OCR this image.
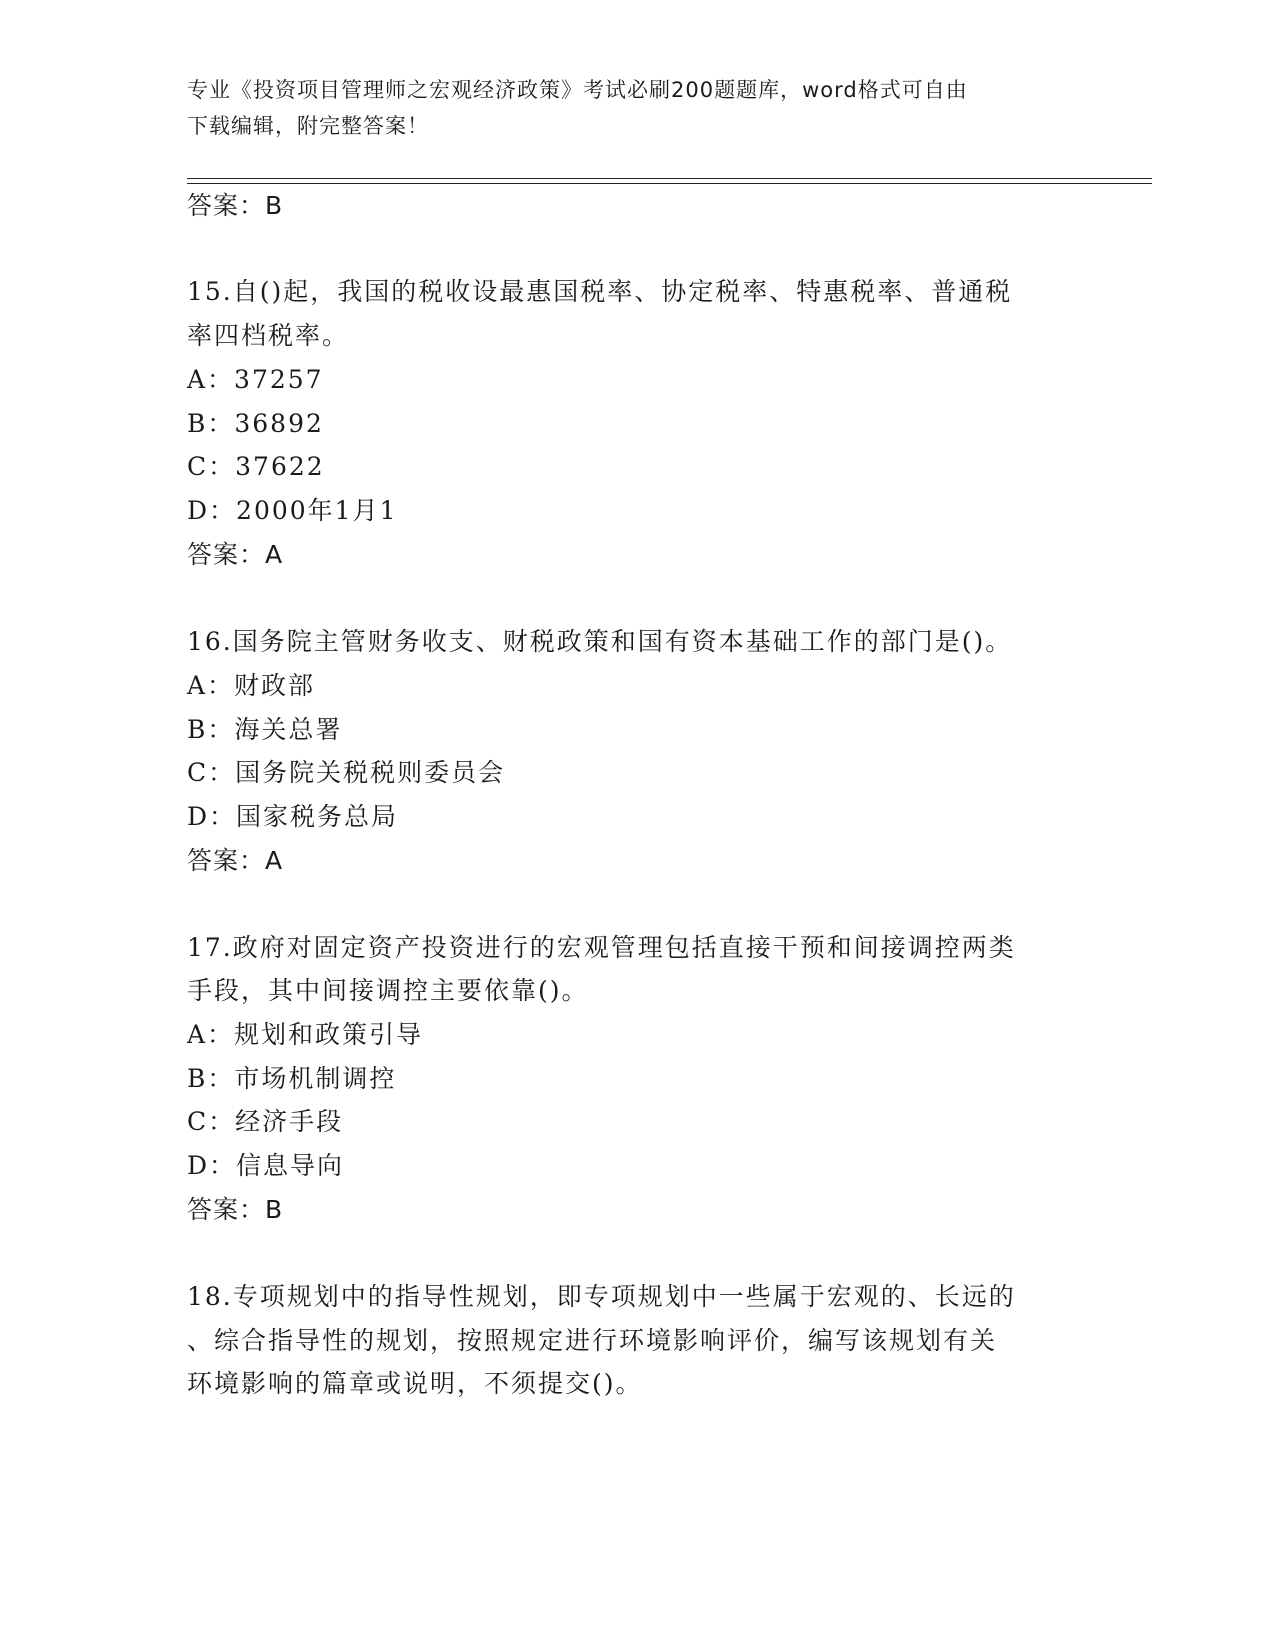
专业《投资项目管理师之宏观经济政策》考试必刷200题题库，word格式可自由
下载编辑，附完整答案！
答案：B
15.自()起，我国的税收设最惠国税率、协定税率、特惠税率、普通税
率四档税率。
A：37257
B：36892
C：37622
D：2000年1月1
答案：A
16.国务院主管财务收支、财税政策和国有资本基础工作的部门是()。
A：财政部
B：海关总署
C：国务院关税税则委员会
D：国家税务总局
答案：A
17.政府对固定资产投资进行的宏观管理包括直接干预和间接调控两类
手段，其中间接调控主要依靠()。
A：规划和政策引导
B：市场机制调控
C：经济手段
D：信息导向
答案：B
18.专项规划中的指导性规划，即专项规划中一些属于宏观的、长远的
、综合指导性的规划，按照规定进行环境影响评价，编写该规划有关
环境影响的篇章或说明，不须提交()。
